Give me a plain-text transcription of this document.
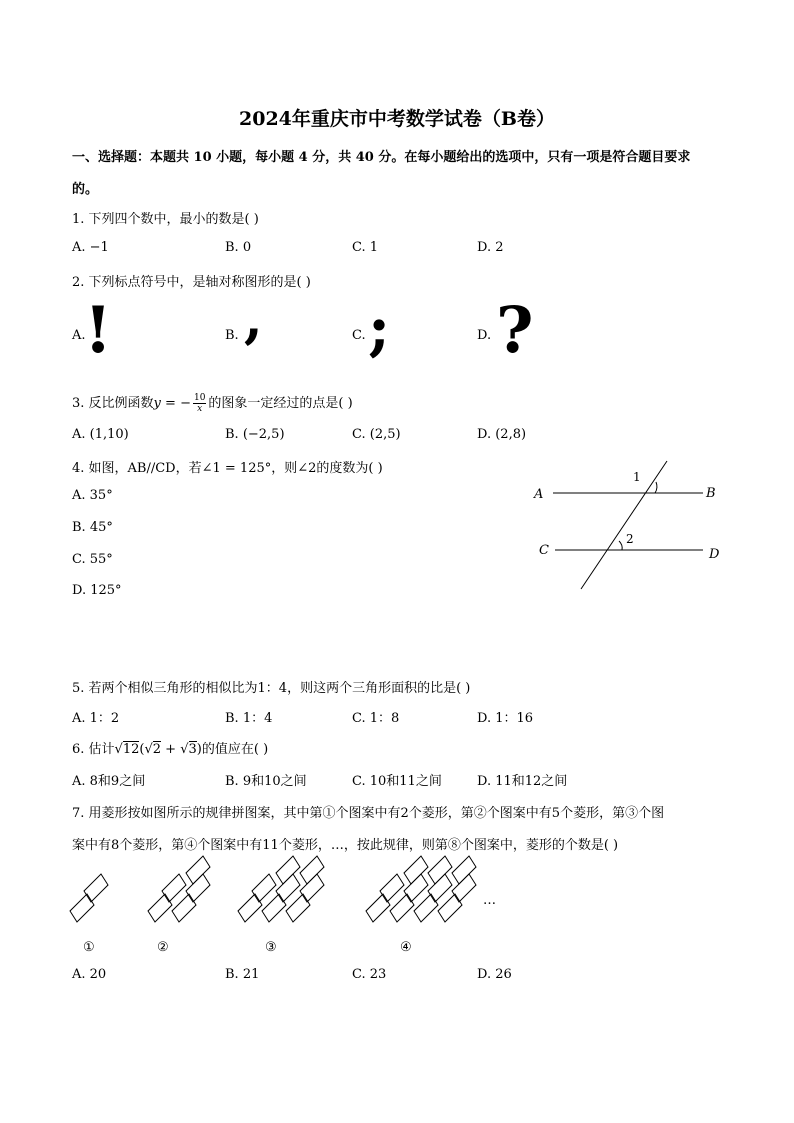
2024年重庆市中考数学试卷（B卷）
一、选择题：本题共 10 小题，每小题 4 分，共 40 分。在每小题给出的选项中，只有一项是符合题目要求
的。
1. 下列四个数中，最小的数是( )
A. −1	B. 0	C. 1	D. 2
2. 下列标点符号中，是轴对称图形的是( )
A.
!	B. ,	C. ;	D. ?
3. 反比例函数y = − $\frac{10}{x}$ 的图象一定经过的点是( )
A. (1,10)	B. (−2,5)	C. (2,5)	D. (2,8)
4. 如图，AB//CD，若∠1 = 125°，则∠2的度数为( )
A. 35°
B. 45°
C. 55°
D. 125°
A	B
C	D
1
2
5. 若两个相似三角形的相似比为1：4，则这两个三角形面积的比是( )
A. 1：2	B. 1：4	C. 1：8	D. 1：16
6. 估计√12(√2 + √3)的值应在( )
A. 8和9之间	B. 9和10之间	C. 10和11之间	D. 11和12之间
7. 用菱形按如图所示的规律拼图案，其中第①个图案中有2个菱形，第②个图案中有5个菱形，第③个图
案中有8个菱形，第④个图案中有11个菱形，…，按此规律，则第⑧个图案中，菱形的个数是( )
…
①	②	③	④
A. 20	B. 21	C. 23	D. 26
